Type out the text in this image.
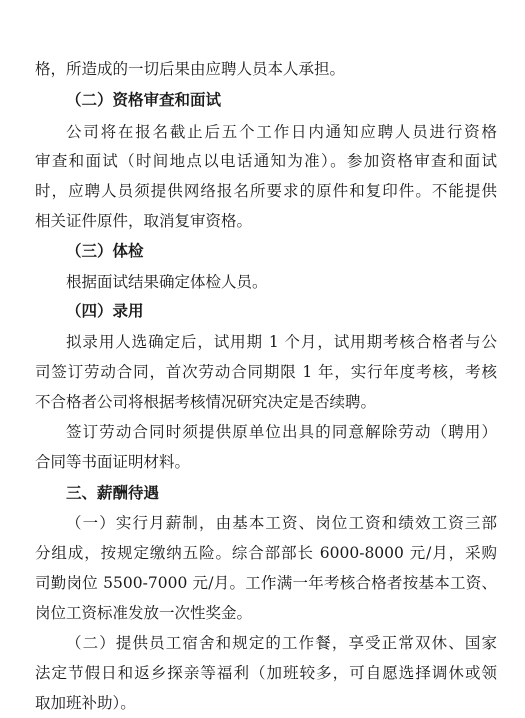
格，所造成的一切后果由应聘人员本人承担。
（二）资格审查和面试
公司将在报名截止后五个工作日内通知应聘人员进行资格
审查和面试（时间地点以电话通知为准）。参加资格审查和面试
时，应聘人员须提供网络报名所要求的原件和复印件。不能提供
相关证件原件，取消复审资格。
（三）体检
根据面试结果确定体检人员。
（四）录用
拟录用人选确定后，试用期 1 个月，试用期考核合格者与公
司签订劳动合同，首次劳动合同期限 1 年，实行年度考核，考核
不合格者公司将根据考核情况研究决定是否续聘。
签订劳动合同时须提供原单位出具的同意解除劳动（聘用）
合同等书面证明材料。
三、薪酬待遇
（一）实行月薪制，由基本工资、岗位工资和绩效工资三部
分组成，按规定缴纳五险。综合部部长 6000-8000 元/月，采购
司勤岗位 5500-7000 元/月。工作满一年考核合格者按基本工资、
岗位工资标准发放一次性奖金。
（二）提供员工宿舍和规定的工作餐，享受正常双休、国家
法定节假日和返乡探亲等福利（加班较多，可自愿选择调休或领
取加班补助）。
